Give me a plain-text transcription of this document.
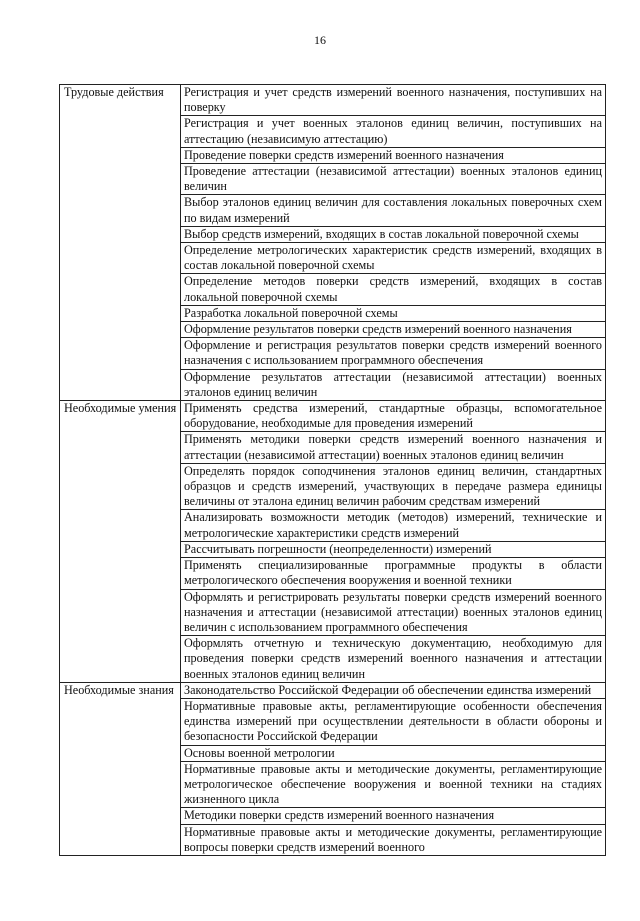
16
Трудовые действия	Регистрация и учет средств измерений военного назначения, поступивших на поверку
	Регистрация и учет военных эталонов единиц величин, поступивших на аттестацию (независимую аттестацию)
	Проведение поверки средств измерений военного назначения
	Проведение аттестации (независимой аттестации) военных эталонов единиц величин
	Выбор эталонов единиц величин для составления локальных поверочных схем по видам измерений
	Выбор средств измерений, входящих в состав локальной поверочной схемы
	Определение метрологических характеристик средств измерений, входящих в состав локальной поверочной схемы
	Определение методов поверки средств измерений, входящих в состав локальной поверочной схемы
	Разработка локальной поверочной схемы
	Оформление результатов поверки средств измерений военного назначения
	Оформление и регистрация результатов поверки средств измерений военного назначения с использованием программного обеспечения
	Оформление результатов аттестации (независимой аттестации) военных эталонов единиц величин
Необходимые умения	Применять средства измерений, стандартные образцы, вспомогательное оборудование, необходимые для проведения измерений
	Применять методики поверки средств измерений военного назначения и аттестации (независимой аттестации) военных эталонов единиц величин
	Определять порядок соподчинения эталонов единиц величин, стандартных образцов и средств измерений, участвующих в передаче размера единицы величины от эталона единиц величин рабочим средствам измерений
	Анализировать возможности методик (методов) измерений, технические и метрологические характеристики средств измерений
	Рассчитывать погрешности (неопределенности) измерений
	Применять специализированные программные продукты в области метрологического обеспечения вооружения и военной техники
	Оформлять и регистрировать результаты поверки средств измерений военного назначения и аттестации (независимой аттестации) военных эталонов единиц величин с использованием программного обеспечения
	Оформлять отчетную и техническую документацию, необходимую для проведения поверки средств измерений военного назначения и аттестации военных эталонов единиц величин
Необходимые знания	Законодательство Российской Федерации об обеспечении единства измерений
	Нормативные правовые акты, регламентирующие особенности обеспечения единства измерений при осуществлении деятельности в области обороны и безопасности Российской Федерации
	Основы военной метрологии
	Нормативные правовые акты и методические документы, регламентирующие метрологическое обеспечение вооружения и военной техники на стадиях жизненного цикла
	Методики поверки средств измерений военного назначения
	Нормативные правовые акты и методические документы, регламентирующие вопросы поверки средств измерений военного
